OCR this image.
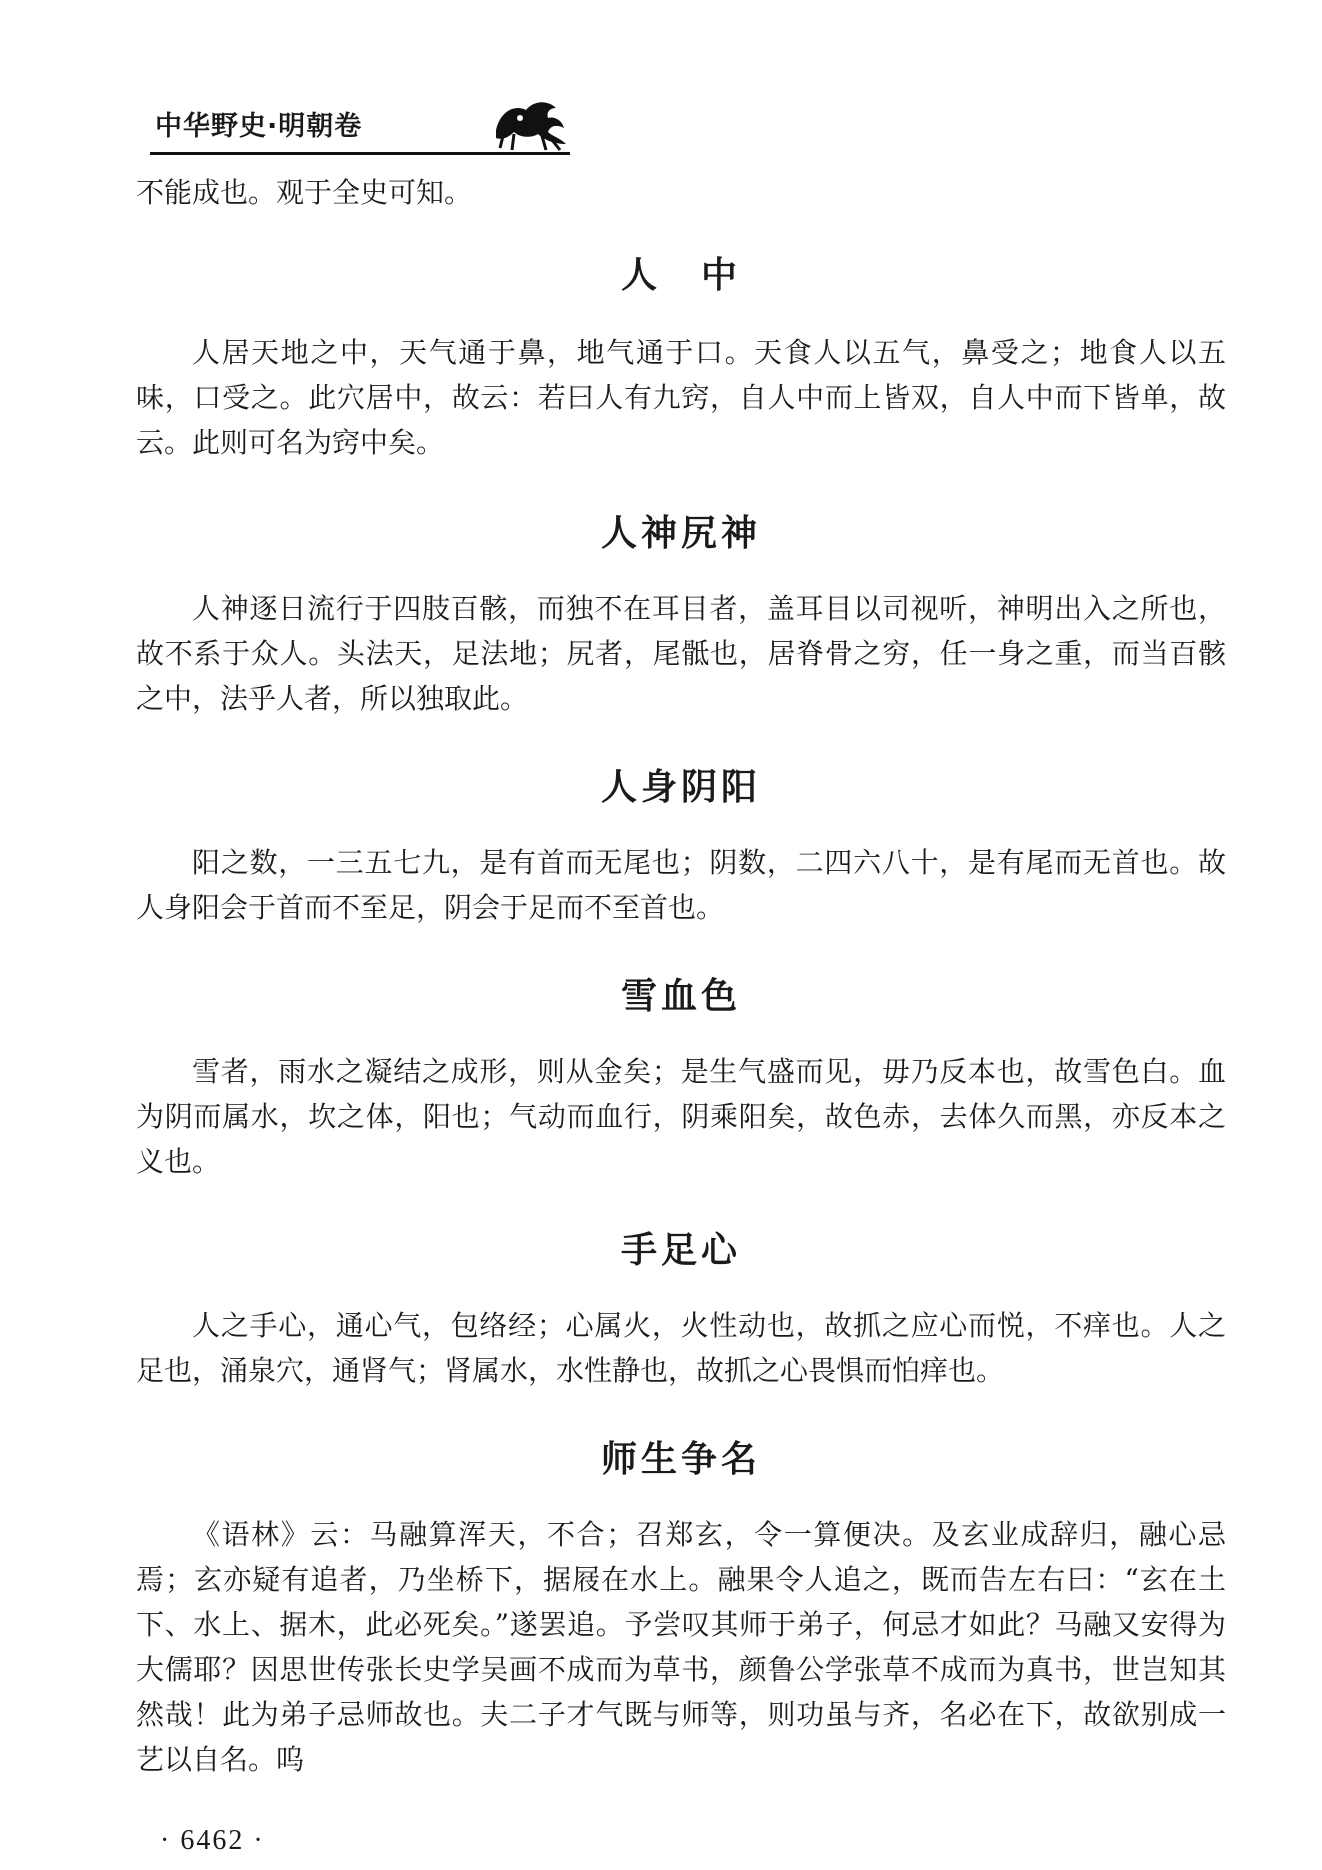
中华野史·明朝卷

不能成也。观于全史可知。

人　中

人居天地之中，天气通于鼻，地气通于口。天食人以五气，鼻受之；地食人以五味，口受之。此穴居中，故云：若曰人有九窍，自人中而上皆双，自人中而下皆单，故云。此则可名为窍中矣。

人神尻神

人神逐日流行于四肢百骸，而独不在耳目者，盖耳目以司视听，神明出入之所也，故不系于众人。头法天，足法地；尻者，尾骶也，居脊骨之穷，任一身之重，而当百骸之中，法乎人者，所以独取此。

人身阴阳

阳之数，一三五七九，是有首而无尾也；阴数，二四六八十，是有尾而无首也。故人身阳会于首而不至足，阴会于足而不至首也。

雪血色

雪者，雨水之凝结之成形，则从金矣；是生气盛而见，毋乃反本也，故雪色白。血为阴而属水，坎之体，阳也；气动而血行，阴乘阳矣，故色赤，去体久而黑，亦反本之义也。

手足心

人之手心，通心气，包络经；心属火，火性动也，故抓之应心而悦，不痒也。人之足也，涌泉穴，通肾气；肾属水，水性静也，故抓之心畏惧而怕痒也。

师生争名

《语林》云：马融算浑天，不合；召郑玄，令一算便决。及玄业成辞归，融心忌焉；玄亦疑有追者，乃坐桥下，据屐在水上。融果令人追之，既而告左右曰：“玄在土下、水上、据木，此必死矣。”遂罢追。予尝叹其师于弟子，何忌才如此？马融又安得为大儒耶？因思世传张长史学吴画不成而为草书，颜鲁公学张草不成而为真书，世岂知其然哉！此为弟子忌师故也。夫二子才气既与师等，则功虽与齐，名必在下，故欲别成一艺以自名。呜

· 6462 ·
